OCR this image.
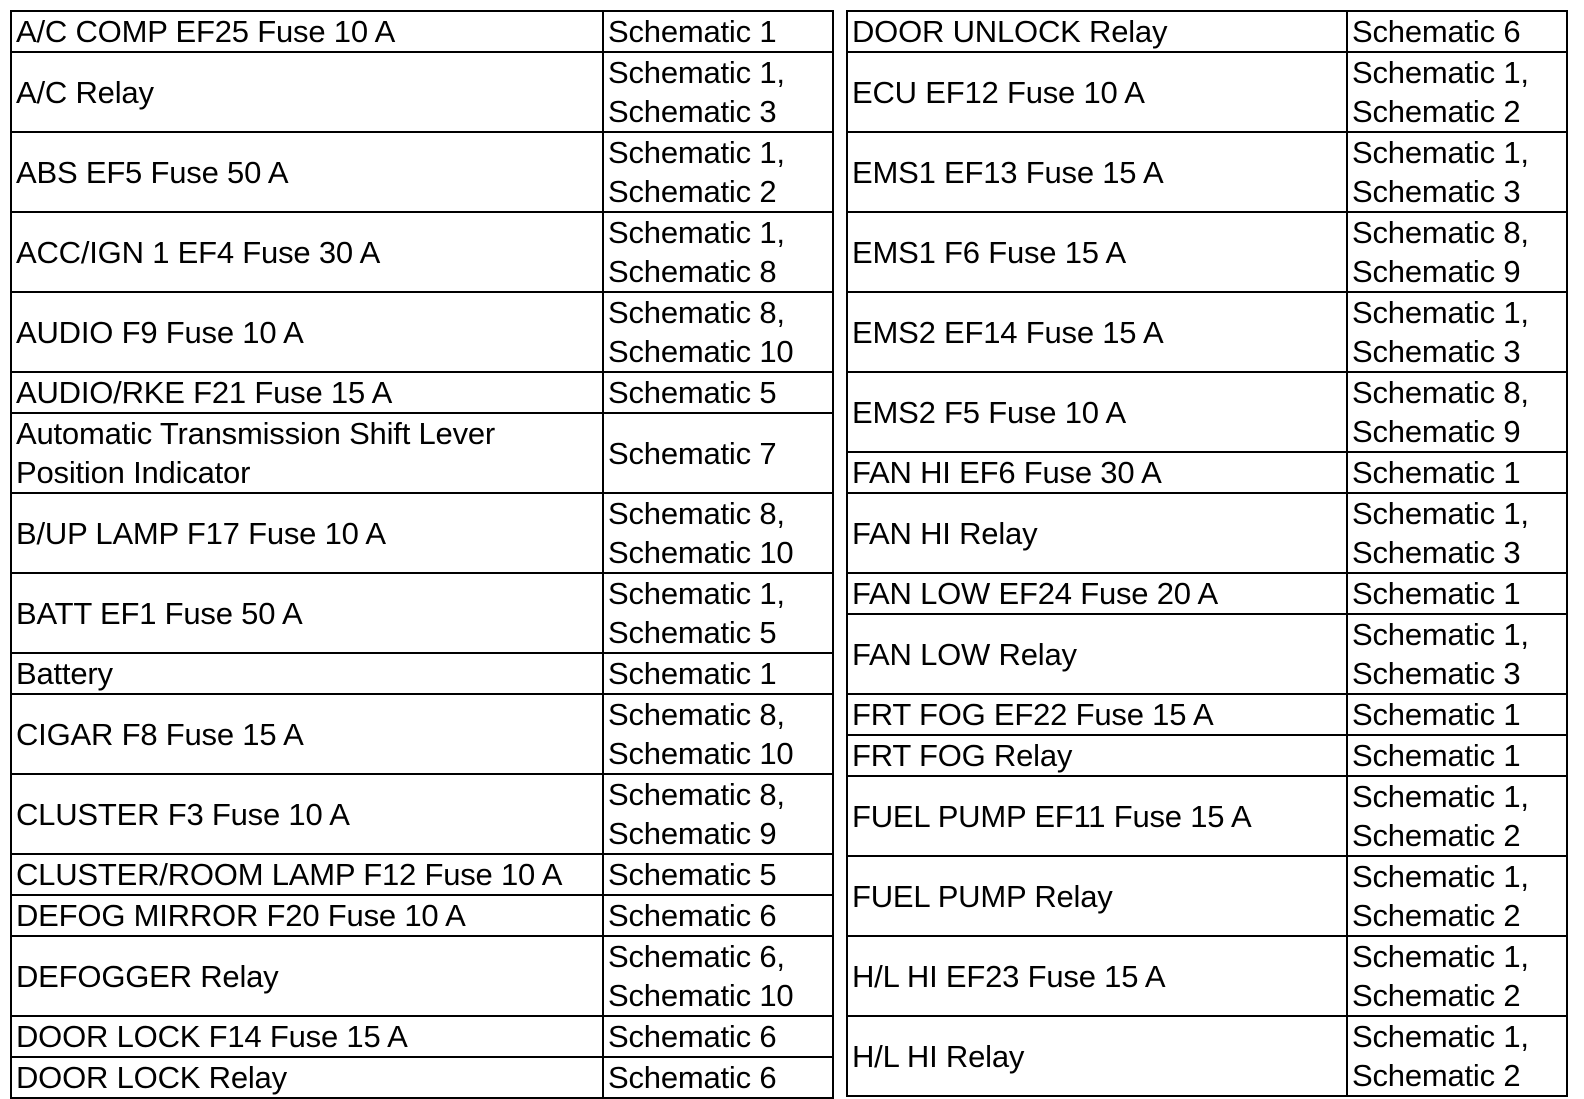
A/C COMP EF25 Fuse 10 A	Schematic 1
A/C Relay	Schematic 1,
Schematic 3
ABS EF5 Fuse 50 A	Schematic 1,
Schematic 2
ACC/IGN 1 EF4 Fuse 30 A	Schematic 1,
Schematic 8
AUDIO F9 Fuse 10 A	Schematic 8,
Schematic 10
AUDIO/RKE F21 Fuse 15 A	Schematic 5
Automatic Transmission Shift Lever
Position Indicator	Schematic 7
B/UP LAMP F17 Fuse 10 A	Schematic 8,
Schematic 10
BATT EF1 Fuse 50 A	Schematic 1,
Schematic 5
Battery	Schematic 1
CIGAR F8 Fuse 15 A	Schematic 8,
Schematic 10
CLUSTER F3 Fuse 10 A	Schematic 8,
Schematic 9
CLUSTER/ROOM LAMP F12 Fuse 10 A	Schematic 5
DEFOG MIRROR F20 Fuse 10 A	Schematic 6
DEFOGGER Relay	Schematic 6,
Schematic 10
DOOR LOCK F14 Fuse 15 A	Schematic 6
DOOR LOCK Relay	Schematic 6
DOOR UNLOCK Relay	Schematic 6
ECU EF12 Fuse 10 A	Schematic 1,
Schematic 2
EMS1 EF13 Fuse 15 A	Schematic 1,
Schematic 3
EMS1 F6 Fuse 15 A	Schematic 8,
Schematic 9
EMS2 EF14 Fuse 15 A	Schematic 1,
Schematic 3
EMS2 F5 Fuse 10 A	Schematic 8,
Schematic 9
FAN HI EF6 Fuse 30 A	Schematic 1
FAN HI Relay	Schematic 1,
Schematic 3
FAN LOW EF24 Fuse 20 A	Schematic 1
FAN LOW Relay	Schematic 1,
Schematic 3
FRT FOG EF22 Fuse 15 A	Schematic 1
FRT FOG Relay	Schematic 1
FUEL PUMP EF11 Fuse 15 A	Schematic 1,
Schematic 2
FUEL PUMP Relay	Schematic 1,
Schematic 2
H/L HI EF23 Fuse 15 A	Schematic 1,
Schematic 2
H/L HI Relay	Schematic 1,
Schematic 2
